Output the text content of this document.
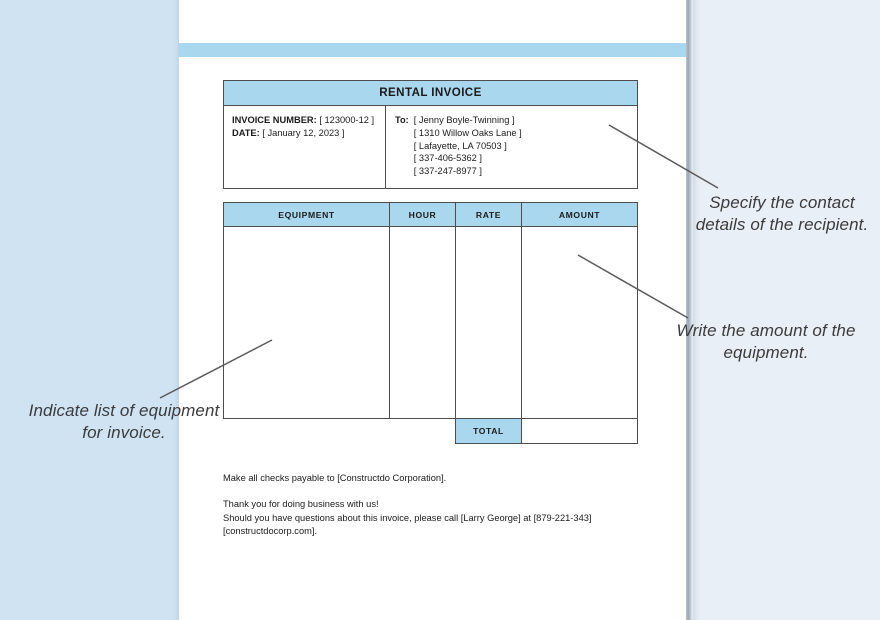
RENTAL INVOICE
INVOICE NUMBER: [ 123000-12 ]
DATE: [ January 12, 2023 ]
To: [ Jenny Boyle-Twinning ]
[ 1310 Willow Oaks Lane ]
[ Lafayette, LA 70503 ]
[ 337-406-5362 ]
[ 337-247-8977 ]
EQUIPMENT	HOUR	RATE	AMOUNT
TOTAL
Make all checks payable to [Constructdo Corporation].
Thank you for doing business with us!
Should you have questions about this invoice, please call [Larry George] at [879-221-343]
[constructdocorp.com].
Specify the contact details of the recipient.
Write the amount of the equipment.
Indicate list of equipment for invoice.
